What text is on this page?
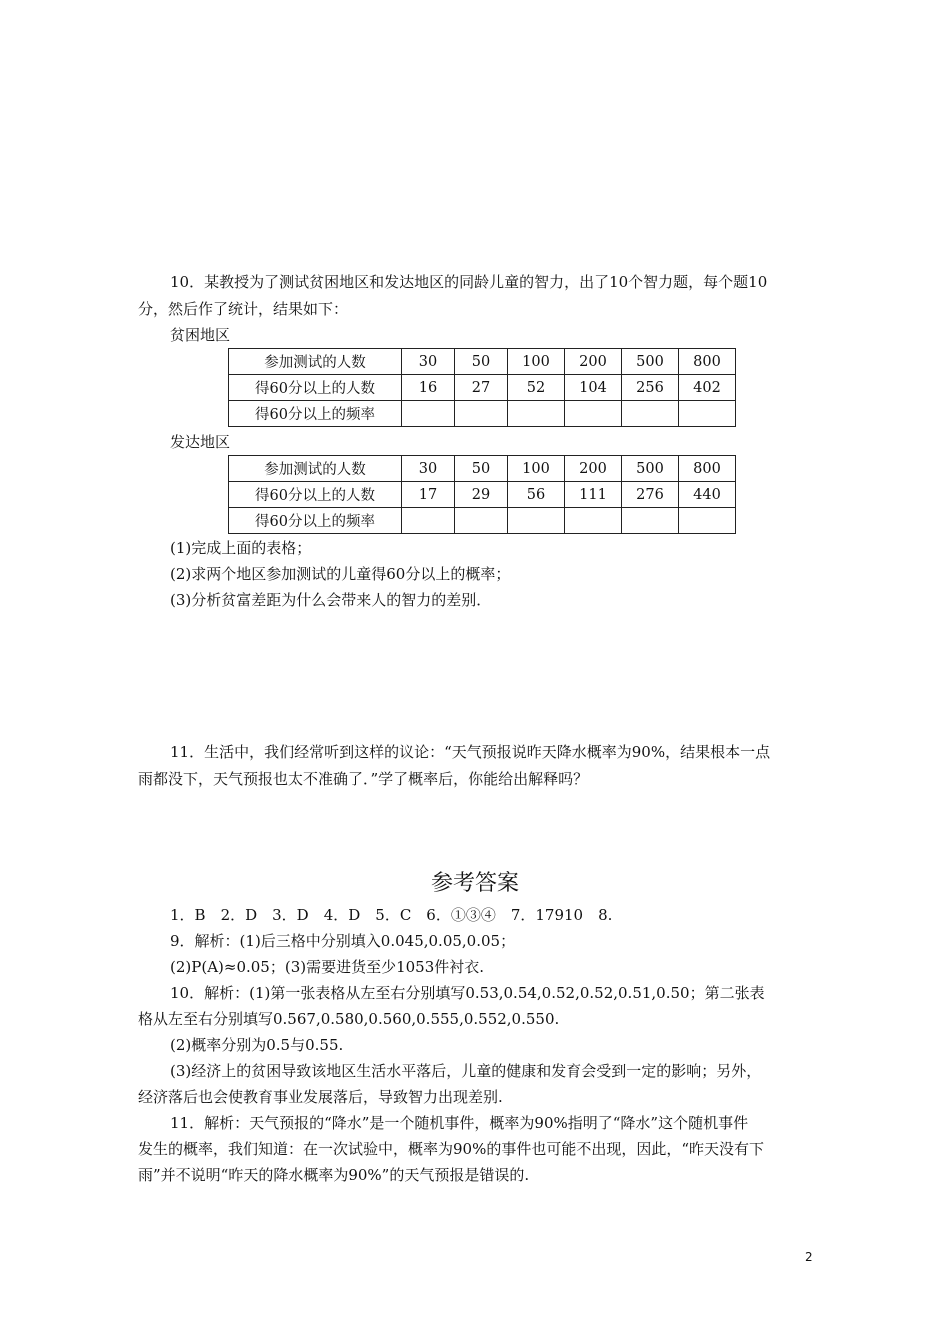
10．某教授为了测试贫困地区和发达地区的同龄儿童的智力，出了10个智力题，每个题10
分，然后作了统计，结果如下：
贫困地区
参加测试的人数	30	50	100	200	500	800
得60分以上的人数	16	27	52	104	256	402
得60分以上的频率						
发达地区
参加测试的人数	30	50	100	200	500	800
得60分以上的人数	17	29	56	111	276	440
得60分以上的频率						
(1)完成上面的表格；
(2)求两个地区参加测试的儿童得60分以上的概率；
(3)分析贫富差距为什么会带来人的智力的差别．
11．生活中，我们经常听到这样的议论：“天气预报说昨天降水概率为90%，结果根本一点
雨都没下，天气预报也太不准确了．”学了概率后，你能给出解释吗？
参考答案
1．B　2．D　3．D　4．D　5．C　6．①③④　7．17910　8.
9．解析：(1)后三格中分别填入0.045,0.05,0.05；
(2)P(A)≈0.05；(3)需要进货至少1053件衬衣.
10．解析：(1)第一张表格从左至右分别填写0.53,0.54,0.52,0.52,0.51,0.50；第二张表
格从左至右分别填写0.567,0.580,0.560,0.555,0.552,0.550.
(2)概率分别为0.5与0.55.
(3)经济上的贫困导致该地区生活水平落后，儿童的健康和发育会受到一定的影响；另外，
经济落后也会使教育事业发展落后，导致智力出现差别.
11．解析：天气预报的“降水”是一个随机事件，概率为90%指明了“降水”这个随机事件
发生的概率，我们知道：在一次试验中，概率为90%的事件也可能不出现，因此，“昨天没有下
雨”并不说明“昨天的降水概率为90%”的天气预报是错误的.
2
